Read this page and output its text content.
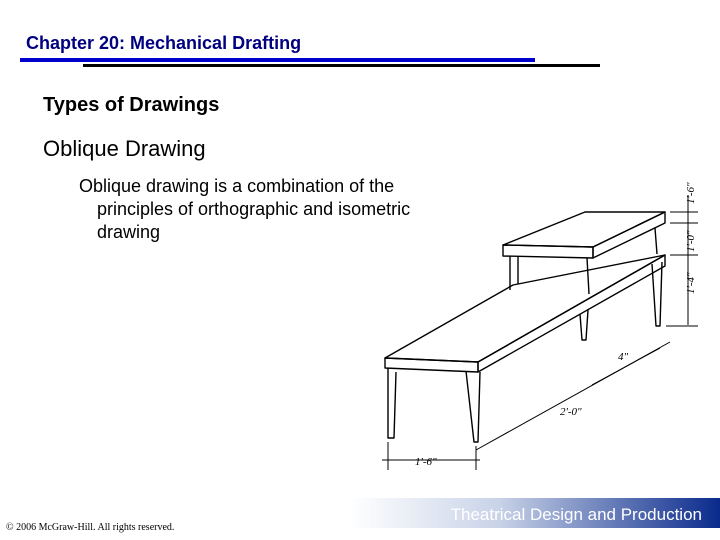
Chapter 20: Mechanical Drafting
Types of Drawings
Oblique Drawing
Oblique drawing is a combination of the principles of orthographic and isometric drawing
1'-6"
1'-0"
1'-4"
4"
2'-0"
1'-6"
Theatrical Design and Production
© 2006 McGraw-Hill. All rights reserved.
